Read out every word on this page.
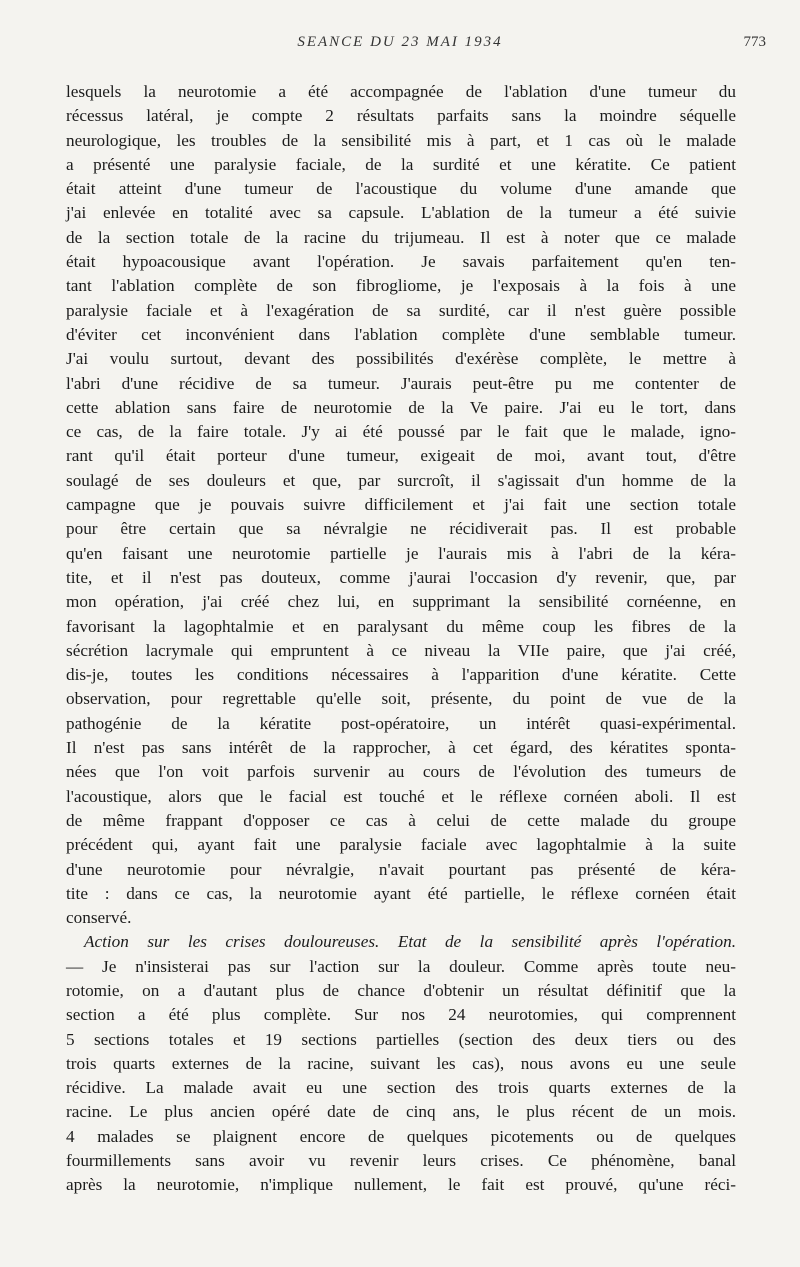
SEANCE DU 23 MAI 1934	773
lesquels la neurotomie a été accompagnée de l'ablation d'une tumeur du
récessus latéral, je compte 2 résultats parfaits sans la moindre séquelle
neurologique, les troubles de la sensibilité mis à part, et 1 cas où le malade
a présenté une paralysie faciale, de la surdité et une kératite. Ce patient
était atteint d'une tumeur de l'acoustique du volume d'une amande que
j'ai enlevée en totalité avec sa capsule. L'ablation de la tumeur a été suivie
de la section totale de la racine du trijumeau. Il est à noter que ce malade
était hypoacousique avant l'opération. Je savais parfaitement qu'en ten-
tant l'ablation complète de son fibrogliome, je l'exposais à la fois à une
paralysie faciale et à l'exagération de sa surdité, car il n'est guère possible
d'éviter cet inconvénient dans l'ablation complète d'une semblable tumeur.
J'ai voulu surtout, devant des possibilités d'exérèse complète, le mettre à
l'abri d'une récidive de sa tumeur. J'aurais peut-être pu me contenter de
cette ablation sans faire de neurotomie de la Ve paire. J'ai eu le tort, dans
ce cas, de la faire totale. J'y ai été poussé par le fait que le malade, igno-
rant qu'il était porteur d'une tumeur, exigeait de moi, avant tout, d'être
soulagé de ses douleurs et que, par surcroît, il s'agissait d'un homme de la
campagne que je pouvais suivre difficilement et j'ai fait une section totale
pour être certain que sa névralgie ne récidiverait pas. Il est probable
qu'en faisant une neurotomie partielle je l'aurais mis à l'abri de la kéra-
tite, et il n'est pas douteux, comme j'aurai l'occasion d'y revenir, que, par
mon opération, j'ai créé chez lui, en supprimant la sensibilité cornéenne, en
favorisant la lagophtalmie et en paralysant du même coup les fibres de la
sécrétion lacrymale qui empruntent à ce niveau la VIIe paire, que j'ai créé,
dis-je, toutes les conditions nécessaires à l'apparition d'une kératite. Cette
observation, pour regrettable qu'elle soit, présente, du point de vue de la
pathogénie de la kératite post-opératoire, un intérêt quasi-expérimental.
Il n'est pas sans intérêt de la rapprocher, à cet égard, des kératites sponta-
nées que l'on voit parfois survenir au cours de l'évolution des tumeurs de
l'acoustique, alors que le facial est touché et le réflexe cornéen aboli. Il est
de même frappant d'opposer ce cas à celui de cette malade du groupe
précédent qui, ayant fait une paralysie faciale avec lagophtalmie à la suite
d'une neurotomie pour névralgie, n'avait pourtant pas présenté de kéra-
tite : dans ce cas, la neurotomie ayant été partielle, le réflexe cornéen était
conservé.
Action sur les crises douloureuses. Etat de la sensibilité après l'opération.
— Je n'insisterai pas sur l'action sur la douleur. Comme après toute neu-
rotomie, on a d'autant plus de chance d'obtenir un résultat définitif que la
section a été plus complète. Sur nos 24 neurotomies, qui comprennent
5 sections totales et 19 sections partielles (section des deux tiers ou des
trois quarts externes de la racine, suivant les cas), nous avons eu une seule
récidive. La malade avait eu une section des trois quarts externes de la
racine. Le plus ancien opéré date de cinq ans, le plus récent de un mois.
4 malades se plaignent encore de quelques picotements ou de quelques
fourmillements sans avoir vu revenir leurs crises. Ce phénomène, banal
après la neurotomie, n'implique nullement, le fait est prouvé, qu'une réci-
